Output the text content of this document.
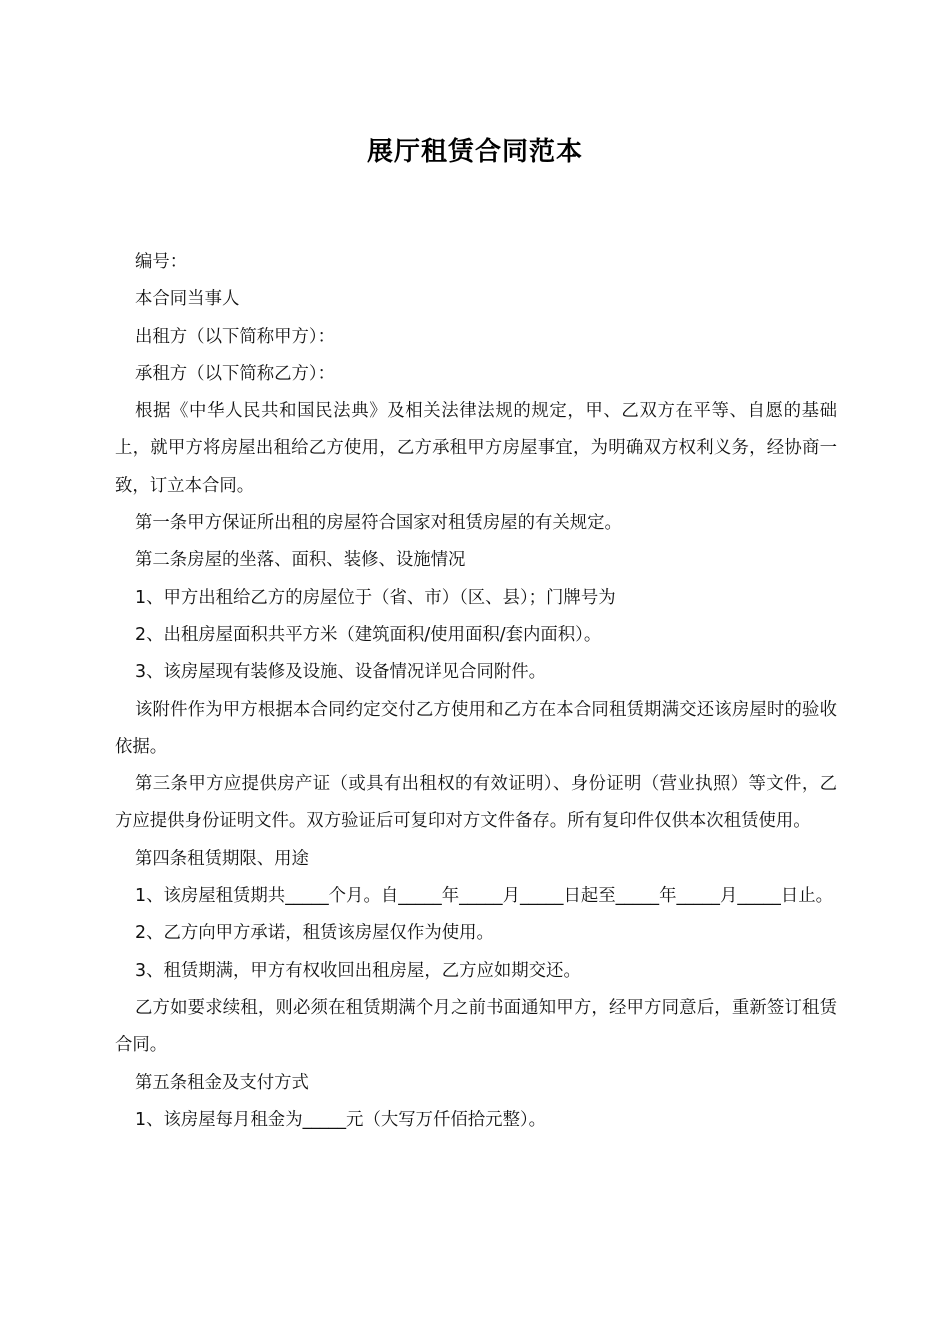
展厅租赁合同范本

编号：

本合同当事人

出租方（以下简称甲方）：

承租方（以下简称乙方）：

根据《中华人民共和国民法典》及相关法律法规的规定，甲、乙双方在平等、自愿的基础上，就甲方将房屋出租给乙方使用，乙方承租甲方房屋事宜，为明确双方权利义务，经协商一致，订立本合同。

第一条甲方保证所出租的房屋符合国家对租赁房屋的有关规定。

第二条房屋的坐落、面积、装修、设施情况

1、甲方出租给乙方的房屋位于（省、市）（区、县）；门牌号为

2、出租房屋面积共平方米（建筑面积/使用面积/套内面积）。

3、该房屋现有装修及设施、设备情况详见合同附件。

该附件作为甲方根据本合同约定交付乙方使用和乙方在本合同租赁期满交还该房屋时的验收依据。

第三条甲方应提供房产证（或具有出租权的有效证明）、身份证明（营业执照）等文件，乙方应提供身份证明文件。双方验证后可复印对方文件备存。所有复印件仅供本次租赁使用。

第四条租赁期限、用途

1、该房屋租赁期共_____个月。自_____年_____月_____日起至_____年_____月_____日止。

2、乙方向甲方承诺，租赁该房屋仅作为使用。

3、租赁期满，甲方有权收回出租房屋，乙方应如期交还。

乙方如要求续租，则必须在租赁期满个月之前书面通知甲方，经甲方同意后，重新签订租赁合同。

第五条租金及支付方式

1、该房屋每月租金为_____元（大写万仟佰拾元整）。
